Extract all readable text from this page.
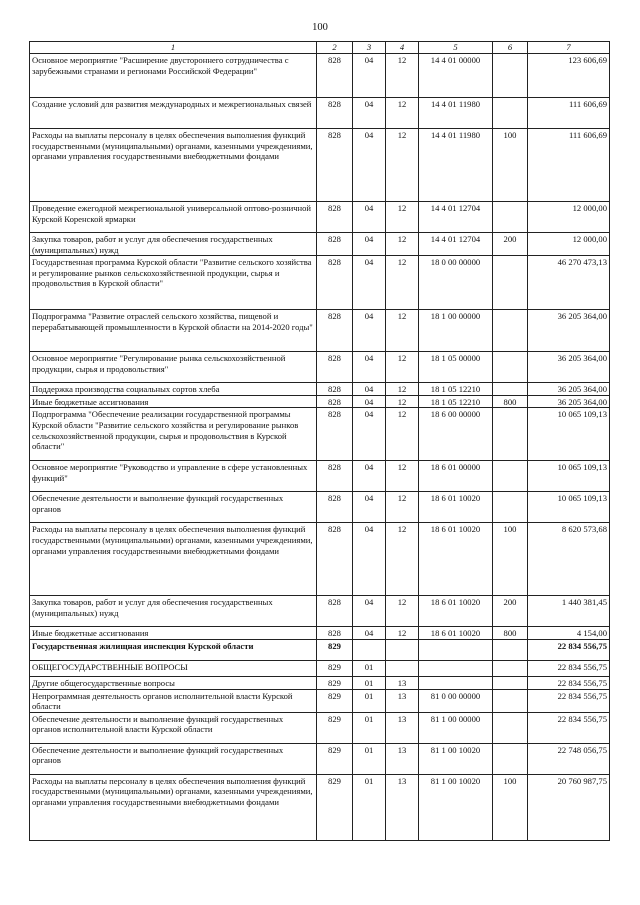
100
1	2	3	4	5	6	7
Основное мероприятие "Расширение двустороннего сотрудничества с зарубежными странами и регионами Российской Федерации"	828	04	12	14 4 01 00000		123 606,69
Создание условий для развития международных и межрегиональных связей	828	04	12	14 4 01 11980		111 606,69
Расходы на выплаты персоналу в целях обеспечения выполнения функций государственными (муниципальными) органами, казенными учреждениями, органами управления государственными внебюджетными фондами	828	04	12	14 4 01 11980	100	111 606,69
Проведение ежегодной межрегиональной универсальной оптово-розничной Курской Коренской ярмарки	828	04	12	14 4 01 12704		12 000,00
Закупка товаров, работ и услуг для обеспечения государственных (муниципальных) нужд	828	04	12	14 4 01 12704	200	12 000,00
Государственная программа Курской области "Развитие сельского хозяйства и регулирование рынков сельскохозяйственной продукции, сырья и продовольствия в Курской области"	828	04	12	18 0 00 00000		46 270 473,13
Подпрограмма "Развитие отраслей сельского хозяйства, пищевой и перерабатывающей промышленности в Курской области на 2014-2020 годы"	828	04	12	18 1 00 00000		36 205 364,00
Основное мероприятие "Регулирование рынка сельскохозяйственной продукции, сырья и продовольствия"	828	04	12	18 1 05 00000		36 205 364,00
Поддержка производства социальных сортов хлеба	828	04	12	18 1 05 12210		36 205 364,00
Иные бюджетные ассигнования	828	04	12	18 1 05 12210	800	36 205 364,00
Подпрограмма "Обеспечение реализации государственной программы Курской области "Развитие сельского хозяйства и регулирование рынков сельскохозяйственной продукции, сырья и продовольствия в Курской области"	828	04	12	18 6 00 00000		10 065 109,13
Основное мероприятие "Руководство и управление в сфере установленных функций"	828	04	12	18 6 01 00000		10 065 109,13
Обеспечение деятельности и выполнение функций государственных органов	828	04	12	18 6 01 10020		10 065 109,13
Расходы на выплаты персоналу в целях обеспечения выполнения функций государственными (муниципальными) органами, казенными учреждениями, органами управления государственными внебюджетными фондами	828	04	12	18 6 01 10020	100	8 620 573,68
Закупка товаров, работ и услуг для обеспечения государственных (муниципальных) нужд	828	04	12	18 6 01 10020	200	1 440 381,45
Иные бюджетные ассигнования	828	04	12	18 6 01 10020	800	4 154,00
Государственная жилищная инспекция Курской области	829					22 834 556,75
ОБЩЕГОСУДАРСТВЕННЫЕ ВОПРОСЫ	829	01				22 834 556,75
Другие общегосударственные вопросы	829	01	13			22 834 556,75
Непрограммная деятельность органов исполнительной власти Курской области	829	01	13	81 0 00 00000		22 834 556,75
Обеспечение деятельности и выполнение функций государственных органов исполнительной власти Курской области	829	01	13	81 1 00 00000		22 834 556,75
Обеспечение деятельности и выполнение функций государственных органов	829	01	13	81 1 00 10020		22 748 056,75
Расходы на выплаты персоналу в целях обеспечения выполнения функций государственными (муниципальными) органами, казенными учреждениями, органами управления государственными внебюджетными фондами	829	01	13	81 1 00 10020	100	20 760 987,75
